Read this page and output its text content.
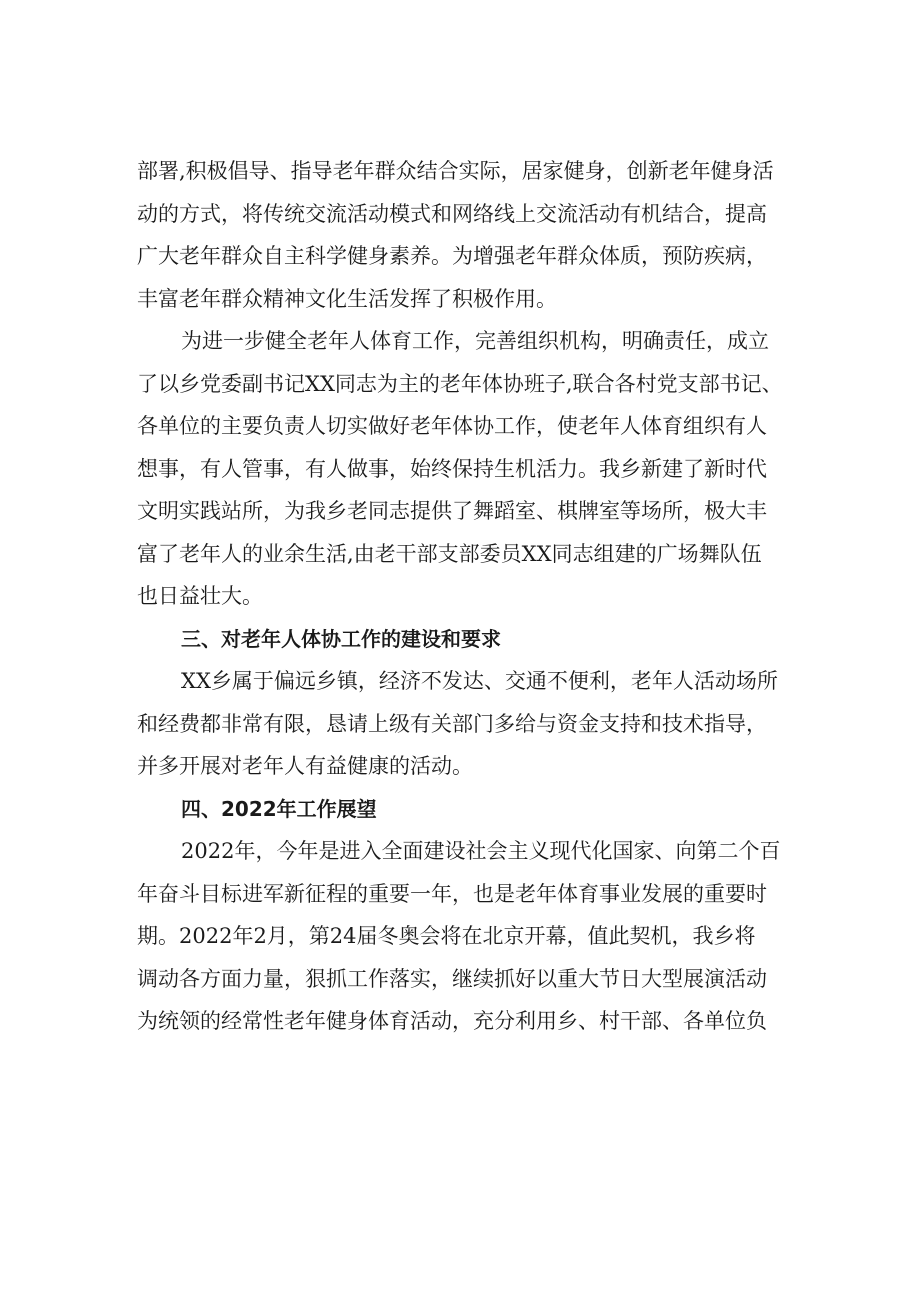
部署,积极倡导、指导老年群众结合实际，居家健身，创新老年健身活
动的方式，将传统交流活动模式和网络线上交流活动有机结合，提高
广大老年群众自主科学健身素养。为增强老年群众体质，预防疾病，
丰富老年群众精神文化生活发挥了积极作用。
为进一步健全老年人体育工作，完善组织机构，明确责任，成立
了以乡党委副书记XX同志为主的老年体协班子,联合各村党支部书记、
各单位的主要负责人切实做好老年体协工作，使老年人体育组织有人
想事，有人管事，有人做事，始终保持生机活力。我乡新建了新时代
文明实践站所，为我乡老同志提供了舞蹈室、棋牌室等场所，极大丰
富了老年人的业余生活,由老干部支部委员XX同志组建的广场舞队伍
也日益壮大。
三、对老年人体协工作的建设和要求
XX乡属于偏远乡镇，经济不发达、交通不便利，老年人活动场所
和经费都非常有限，恳请上级有关部门多给与资金支持和技术指导，
并多开展对老年人有益健康的活动。
四、2022年工作展望
2022年，今年是进入全面建设社会主义现代化国家、向第二个百
年奋斗目标进军新征程的重要一年，也是老年体育事业发展的重要时
期。2022年2月，第24届冬奥会将在北京开幕，值此契机，我乡将
调动各方面力量，狠抓工作落实，继续抓好以重大节日大型展演活动
为统领的经常性老年健身体育活动，充分利用乡、村干部、各单位负
